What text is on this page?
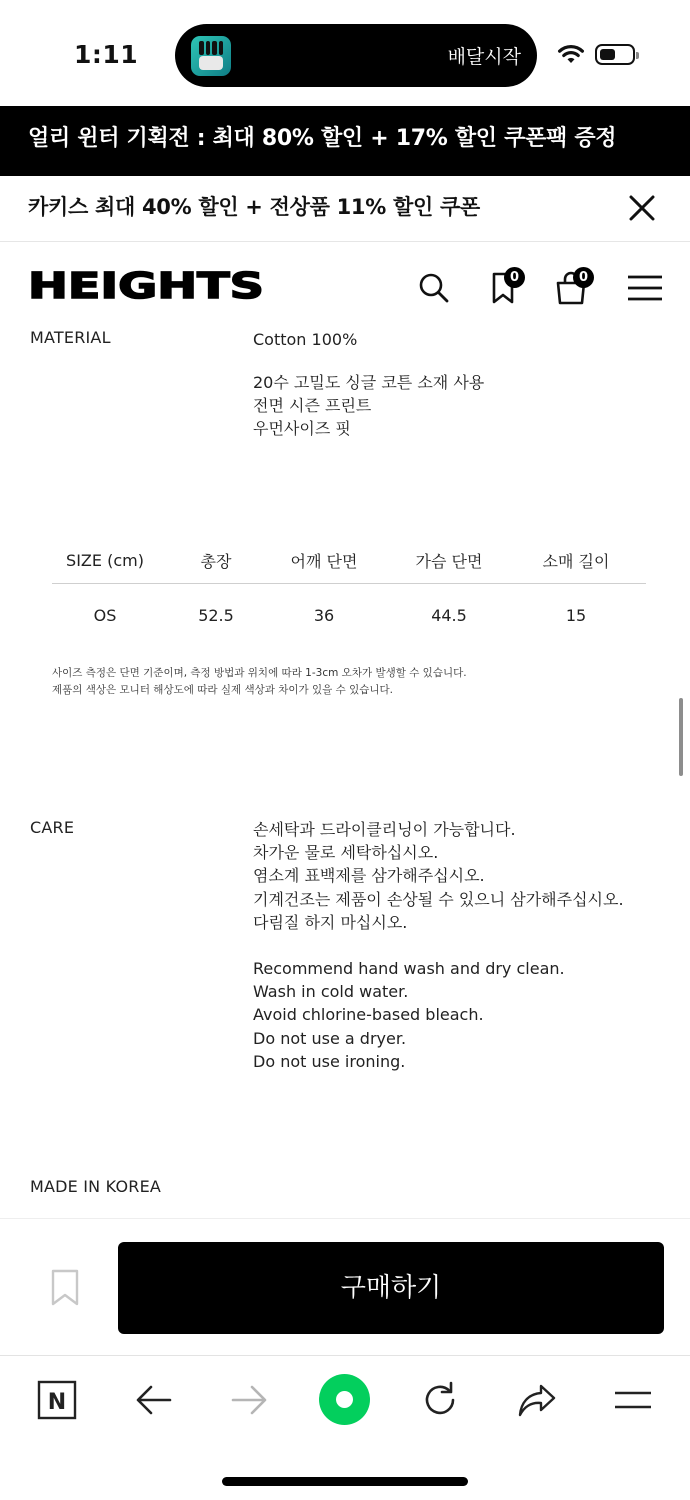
1:11	배달시작
얼리 윈터 기획전 : 최대 80% 할인 + 17% 할인 쿠폰팩 증정
카키스 최대 40% 할인 + 전상품 11% 할인 쿠폰
HEIGHTS	0	0
MATERIAL	Cotton 100%
20수 고밀도 싱글 코튼 소재 사용
전면 시즌 프린트
우먼사이즈 핏
SIZE (cm)	총장	어깨 단면	가슴 단면	소매 길이
OS	52.5	36	44.5	15
사이즈 측정은 단면 기준이며, 측정 방법과 위치에 따라 1-3cm 오차가 발생할 수 있습니다.
제품의 색상은 모니터 해상도에 따라 실제 색상과 차이가 있을 수 있습니다.
CARE	손세탁과 드라이클리닝이 가능합니다.
차가운 물로 세탁하십시오.
염소계 표백제를 삼가해주십시오.
기계건조는 제품이 손상될 수 있으니 삼가해주십시오.
다림질 하지 마십시오.
Recommend hand wash and dry clean.
Wash in cold water.
Avoid chlorine-based bleach.
Do not use a dryer.
Do not use ironing.
MADE IN KOREA
구매하기
N
